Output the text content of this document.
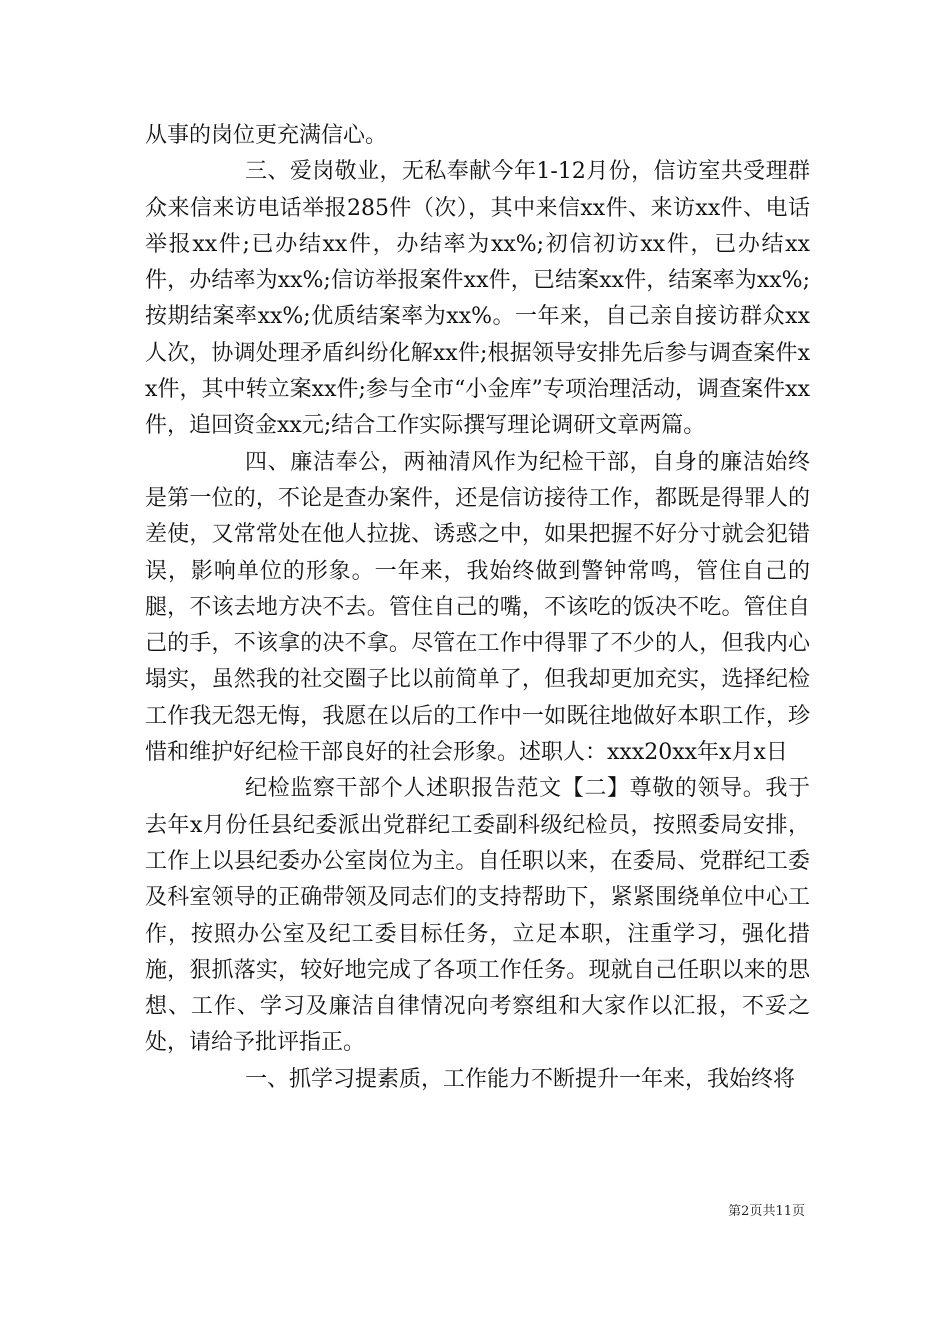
从事的岗位更充满信心。

三、爱岗敬业，无私奉献今年1-12月份，信访室共受理群众来信来访电话举报285件（次），其中来信xx件、来访xx件、电话举报xx件;已办结xx件，办结率为xx%;初信初访xx件，已办结xx件，办结率为xx%;信访举报案件xx件，已结案xx件，结案率为xx%;按期结案率xx%;优质结案率为xx%。一年来，自己亲自接访群众xx人次，协调处理矛盾纠纷化解xx件;根据领导安排先后参与调查案件xx件，其中转立案xx件;参与全市“小金库”专项治理活动，调查案件xx件，追回资金xx元;结合工作实际撰写理论调研文章两篇。

四、廉洁奉公，两袖清风作为纪检干部，自身的廉洁始终是第一位的，不论是查办案件，还是信访接待工作，都既是得罪人的差使，又常常处在他人拉拢、诱惑之中，如果把握不好分寸就会犯错误，影响单位的形象。一年来，我始终做到警钟常鸣，管住自己的腿，不该去地方决不去。管住自己的嘴，不该吃的饭决不吃。管住自己的手，不该拿的决不拿。尽管在工作中得罪了不少的人，但我内心塌实，虽然我的社交圈子比以前简单了，但我却更加充实，选择纪检工作我无怨无悔，我愿在以后的工作中一如既往地做好本职工作，珍惜和维护好纪检干部良好的社会形象。述职人：xxx20xx年x月x日

纪检监察干部个人述职报告范文【二】尊敬的领导。我于去年x月份任县纪委派出党群纪工委副科级纪检员，按照委局安排，工作上以县纪委办公室岗位为主。自任职以来，在委局、党群纪工委及科室领导的正确带领及同志们的支持帮助下，紧紧围绕单位中心工作，按照办公室及纪工委目标任务，立足本职，注重学习，强化措施，狠抓落实，较好地完成了各项工作任务。现就自己任职以来的思想、工作、学习及廉洁自律情况向考察组和大家作以汇报，不妥之处，请给予批评指正。

一、抓学习提素质，工作能力不断提升一年来，我始终将

第2页共11页
